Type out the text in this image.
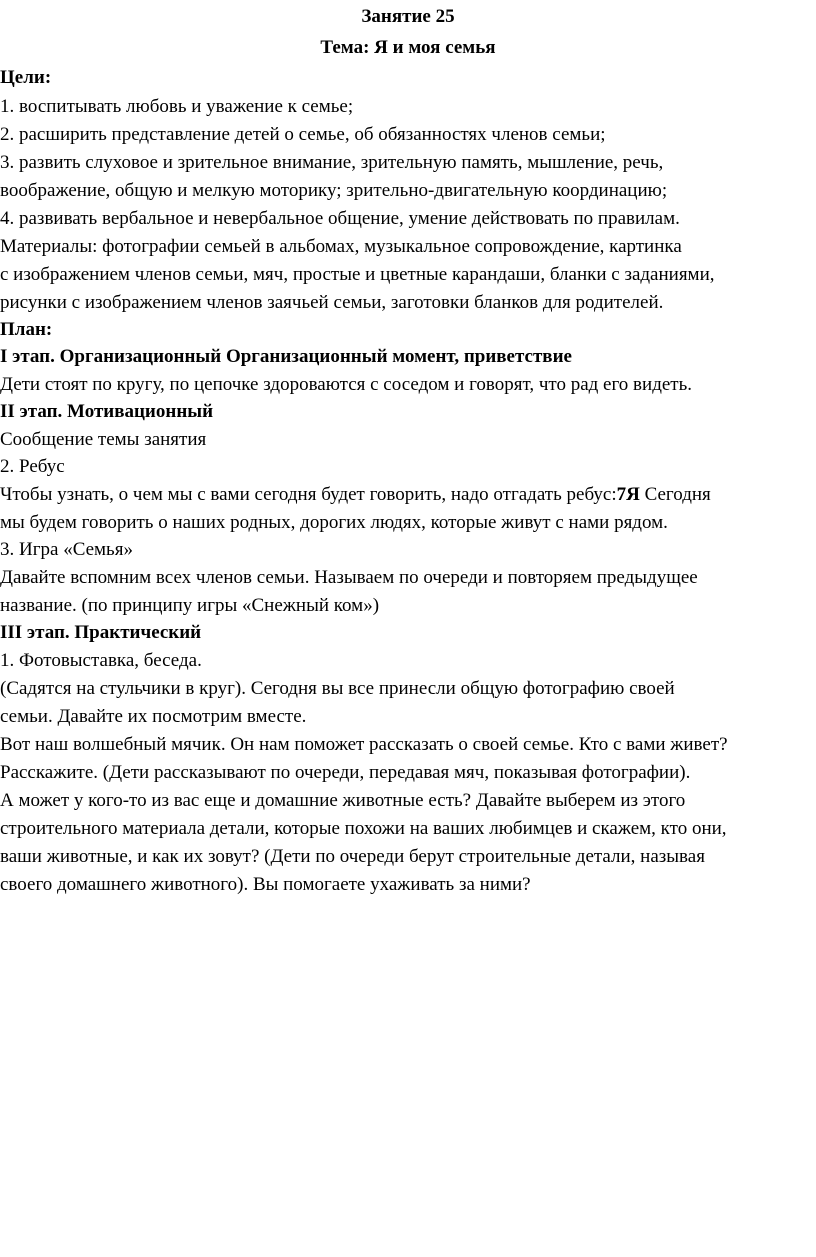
Занятие 25
Тема: Я и моя семья
Цели:
1. воспитывать любовь и уважение к семье;
2. расширить представление детей о семье, об обязанностях членов семьи;
3. развить слуховое и зрительное внимание, зрительную память, мышление, речь,
воображение, общую и мелкую моторику; зрительно-двигательную координацию;
4. развивать вербальное и невербальное общение, умение действовать по правилам.
Материалы: фотографии семьей в альбомах, музыкальное сопровождение, картинка
с изображением членов семьи, мяч, простые и цветные карандаши, бланки с заданиями,
рисунки с изображением членов заячьей семьи, заготовки бланков для родителей.
План:
I этап. Организационный Организационный момент, приветствие
Дети стоят по кругу, по цепочке здороваются с соседом и говорят, что рад его видеть.
II этап. Мотивационный
Сообщение темы занятия
2. Ребус
Чтобы узнать, о чем мы с вами сегодня будет говорить, надо отгадать ребус:7Я Сегодня
мы будем говорить о наших родных, дорогих людях, которые живут с нами рядом.
3. Игра «Семья»
Давайте вспомним всех членов семьи. Называем по очереди и повторяем предыдущее
название. (по принципу игры «Снежный ком»)
III этап. Практический
1. Фотовыставка, беседа.
(Садятся на стульчики в круг). Сегодня вы все принесли общую фотографию своей
семьи. Давайте их посмотрим вместе.
Вот наш волшебный мячик. Он нам поможет рассказать о своей семье. Кто с вами живет?
Расскажите. (Дети рассказывают по очереди, передавая мяч, показывая фотографии).
А может у кого-то из вас еще и домашние животные есть? Давайте выберем из этого
строительного материала детали, которые похожи на ваших любимцев и скажем, кто они,
ваши животные, и как их зовут? (Дети по очереди берут строительные детали, называя
своего домашнего животного). Вы помогаете ухаживать за ними?
